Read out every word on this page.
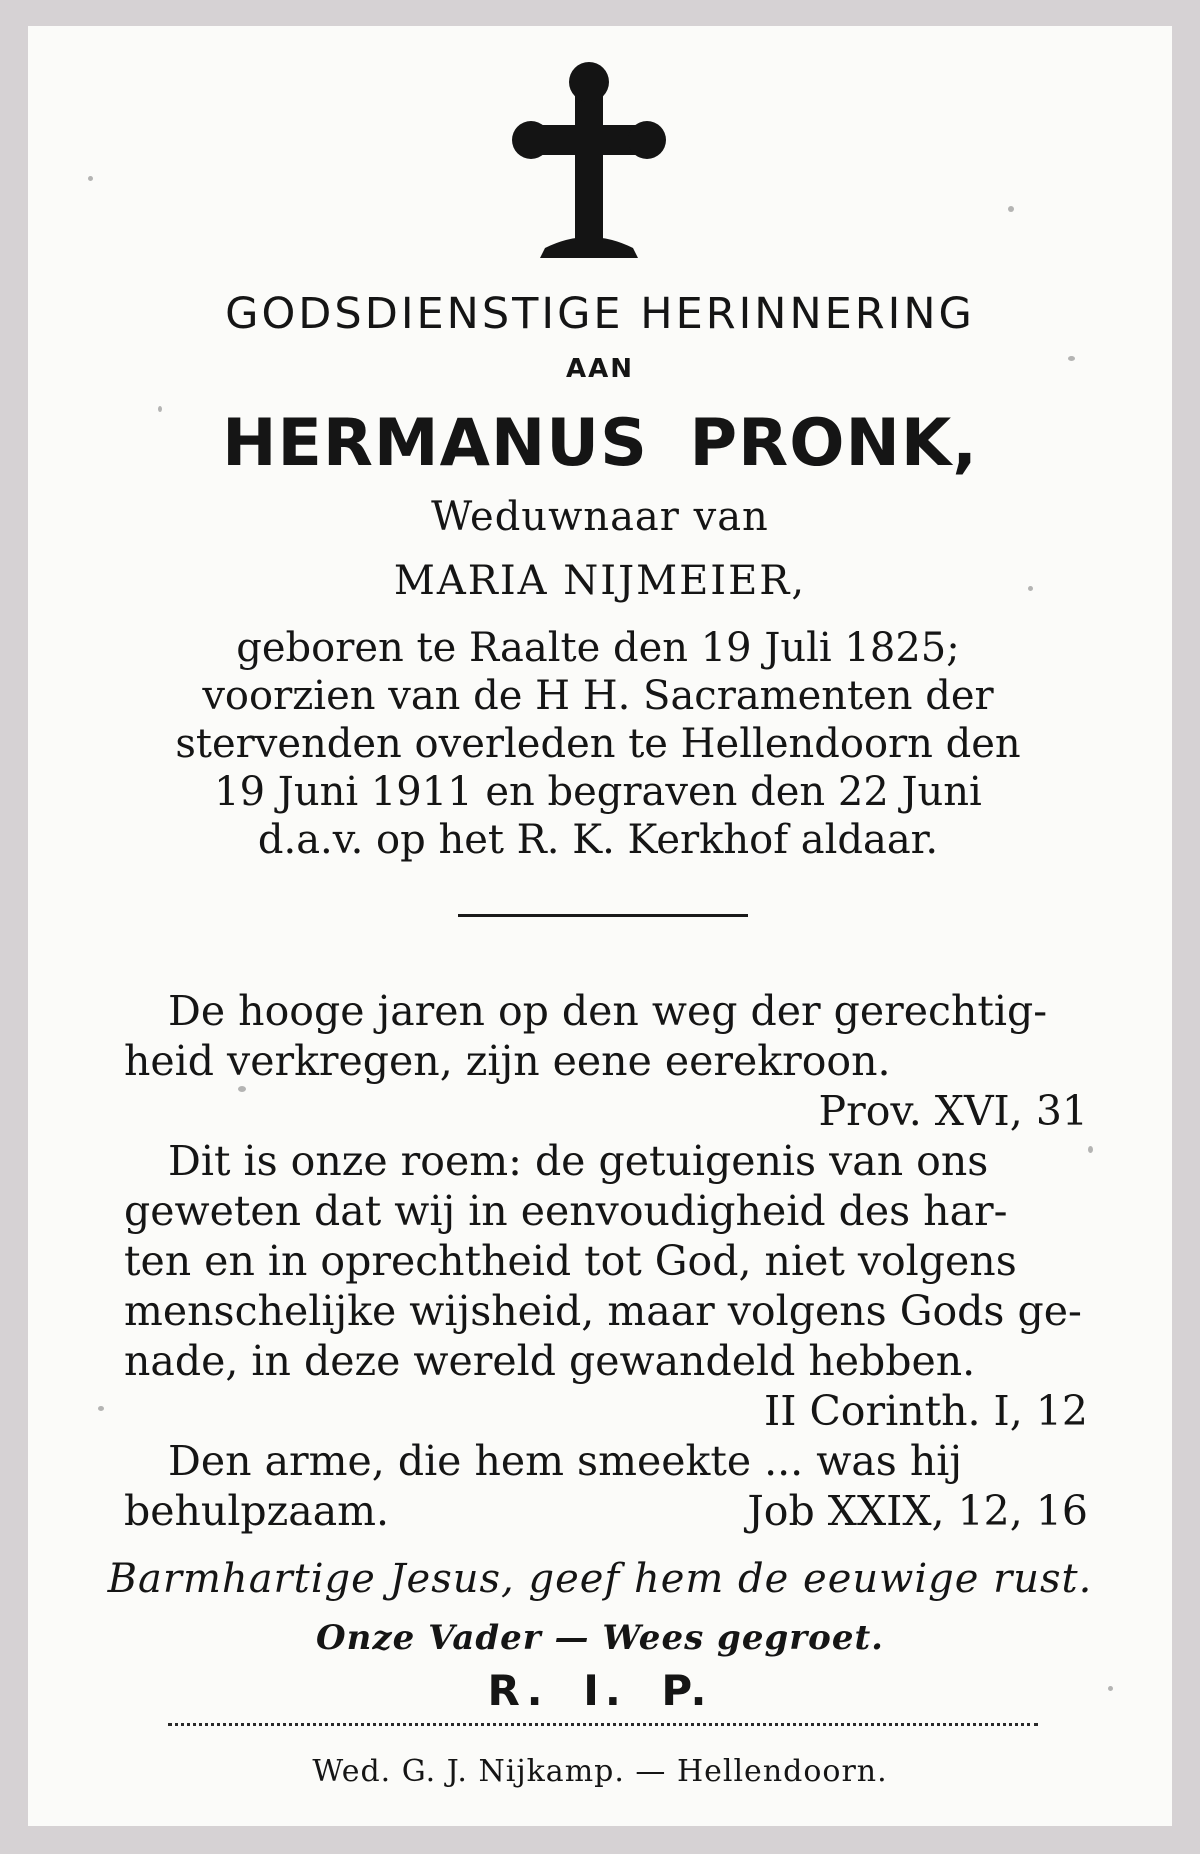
GODSDIENSTIGE HERINNERING
AAN
HERMANUS PRONK,
Weduwnaar van
MARIA NIJMEIER,
geboren te Raalte den 19 Juli 1825;
voorzien van de H H. Sacramenten der
stervenden overleden te Hellendoorn den
19 Juni 1911 en begraven den 22 Juni
d.a.v. op het R. K. Kerkhof aldaar.
De hooge jaren op den weg der gerechtig-
heid verkregen, zijn eene eerekroon.
Prov. XVI, 31
Dit is onze roem: de getuigenis van ons
geweten dat wij in eenvoudigheid des har-
ten en in oprechtheid tot God, niet volgens
menschelijke wijsheid, maar volgens Gods ge-
nade, in deze wereld gewandeld hebben.
II Corinth. I, 12
Den arme, die hem smeekte ... was hij
behulpzaam.	Job XXIX, 12, 16
Barmhartige Jesus, geef hem de eeuwige rust.
Onze Vader — Wees gegroet.
R. I. P.
Wed. G. J. Nijkamp. — Hellendoorn.
